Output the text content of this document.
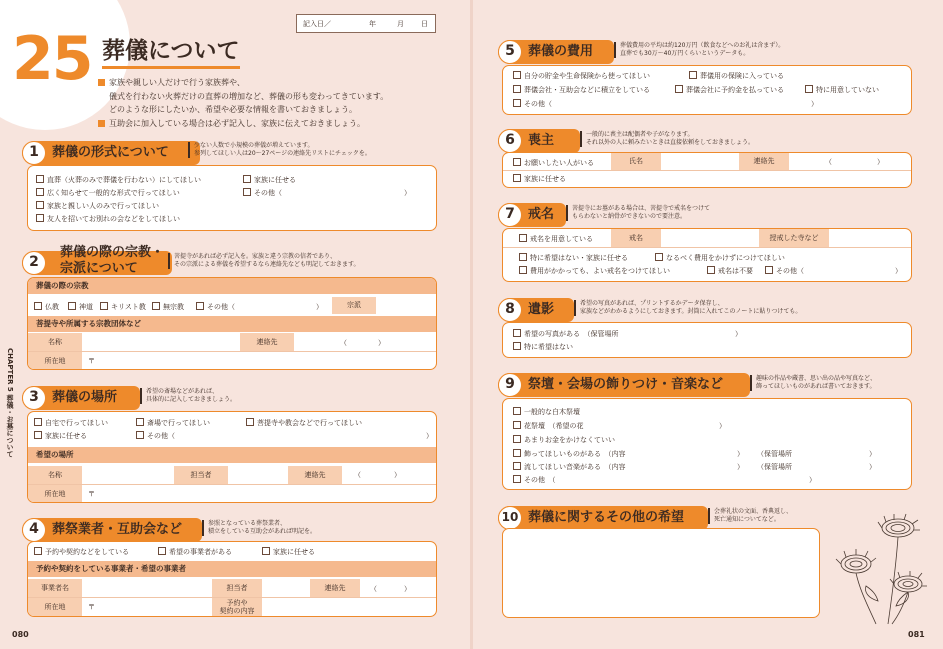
25 葬儀について
記入日／	年	月 日
家族や親しい人だけで行う家族葬や、
儀式を行わない火葬だけの直葬の増加など、葬儀の形も変わってきています。
どのような形にしたいか、希望や必要な情報を書いておきましょう。
互助会に加入している場合は必ず記入し、家族に伝えておきましょう。
CHAPTER 5 葬儀・お墓について
080	081
1	葬儀の形式について	少ない人数で小規模の葬儀が増えています。
参列してほしい人は20〜27ページの連絡先リストにチェックを。
直葬（火葬のみで葬儀を行わない）にしてほしい
広く知らせて一般的な形式で行ってほしい
家族と親しい人のみで行ってほしい
友人を招いてお別れの会などをしてほしい
家族に任せる
その他（	）
2
葬儀の際の宗教・
宗派について
菩提寺があれば必ず記入を。家族と違う宗教の信者であり、
その宗派による葬儀を希望するなら連絡先なども明記しておきます。
葬儀の際の宗教
仏教	神道	キリスト教	無宗教	その他（	）	宗派
菩提寺や所属する宗教団体など
名称	連絡先	（	）
所在地	〒
3	葬儀の場所	希望の斎場などがあれば、
具体的に記入しておきましょう。
自宅で行ってほしい	斎場で行ってほしい	菩提寺や教会などで行ってほしい
家族に任せる	その他（	）
希望の場所
名称	担当者	連絡先	（	）
所在地	〒
4	葬祭業者・互助会など	参照となっている葬祭業者、
積立をしている互助会があれば明記を。
予約や契約などをしている	希望の事業者がある	家族に任せる
予約や契約をしている事業者・希望の事業者
事業者名	担当者	連絡先	（	）
所在地	〒	予約や
契約の内容
5	葬儀の費用	葬儀費用の平均は約120万円（飲食などへのお礼は含まず）。
直葬でも30万〜40万円くらいというデータも。
自分の貯金や生命保険から使ってほしい	葬儀用の保険に入っている
葬儀会社・互助会などに積立をしている	葬儀会社に予約金を払っている	特に用意していない
その他（	）
6	喪主	一般的に喪主は配偶者や子がなります。
それ以外の人に頼みたいときは直接依頼をしておきましょう。
お願いしたい人がいる	氏名	連絡先	（	）
家族に任せる
7	戒名	菩提寺にお墓がある場合は、菩提寺で戒名をつけて
もらわないと納骨ができないので要注意。
戒名を用意している	戒名	授戒した寺など
特に希望はない・家族に任せる	なるべく費用をかけずにつけてほしい
費用がかかっても、よい戒名をつけてほしい	戒名は不要	その他（	）
8	遺影	希望の写真があれば、プリントするかデータ保存し、
家族などがわかるようにしておきます。封筒に入れてこのノートに貼りつけても。
希望の写真がある　（保管場所	）
特に希望はない
9	祭壇・会場の飾りつけ・音楽など	趣味の作品や蔵書、思い出の品や写真など、
飾ってほしいものがあれば書いておきます。
一般的な白木祭壇
花祭壇　（希望の花	）
あまりお金をかけなくていい
飾ってほしいものがある　（内容	） （保管場所	）
流してほしい音楽がある　（内容	） （保管場所	）
その他　（	）
10 葬儀に関するその他の希望	会葬礼状の文面、香典返し、
死亡通知についてなど。
